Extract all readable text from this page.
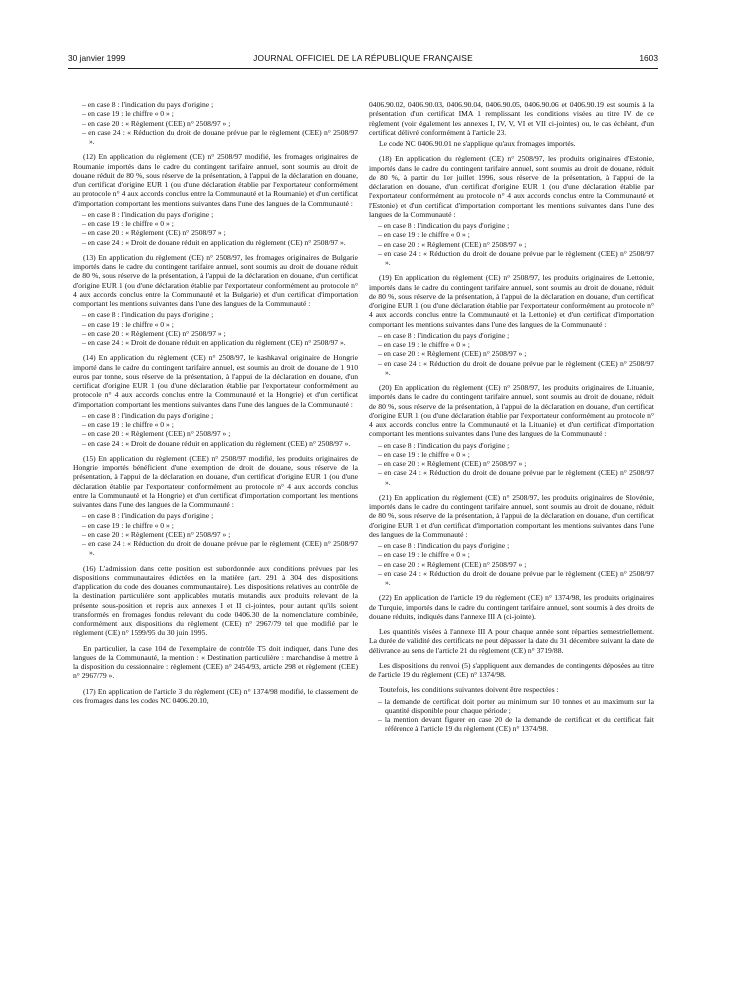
30 janvier 1999	JOURNAL OFFICIEL DE LA RÉPUBLIQUE FRANÇAISE	1603

– en case 8 : l'indication du pays d'origine ;

– en case 19 : le chiffre « 0 » ;

– en case 20 : « Règlement (CEE) n° 2508/97 » ;

– en case 24 : « Réduction du droit de douane prévue par le règlement (CEE) n° 2508/97 ».

(12) En application du règlement (CE) n° 2508/97 modifié, les fromages originaires de Roumanie importés dans le cadre du contingent tarifaire annuel, sont soumis au droit de douane réduit de 80 %, sous réserve de la présentation, à l'appui de la déclaration en douane, d'un certificat d'origine EUR 1 (ou d'une déclaration établie par l'exportateur conformément au protocole n° 4 aux accords conclus entre la Communauté et la Roumanie) et d'un certificat d'importation comportant les mentions suivantes dans l'une des langues de la Communauté :

– en case 8 : l'indication du pays d'origine ;

– en case 19 : le chiffre « 0 » ;

– en case 20 : « Règlement (CE) n° 2508/97 » ;

– en case 24 : « Droit de douane réduit en application du règlement (CE) n° 2508/97 ».

(13) En application du règlement (CE) n° 2508/97, les fromages originaires de Bulgarie importés dans le cadre du contingent tarifaire annuel, sont soumis au droit de douane réduit de 80 %, sous réserve de la présentation, à l'appui de la déclaration en douane, d'un certificat d'origine EUR 1 (ou d'une déclaration établie par l'exportateur conformément au protocole n° 4 aux accords conclus entre la Communauté et la Bulgarie) et d'un certificat d'importation comportant les mentions suivantes dans l'une des langues de la Communauté :

– en case 8 : l'indication du pays d'origine ;

– en case 19 : le chiffre « 0 » ;

– en case 20 : « Règlement (CE) n° 2508/97 » ;

– en case 24 : « Droit de douane réduit en application du règlement (CE) n° 2508/97 ».

(14) En application du règlement (CE) n° 2508/97, le kashkaval originaire de Hongrie importé dans le cadre du contingent tarifaire annuel, est soumis au droit de douane de 1 910 euros par tonne, sous réserve de la présentation, à l'appui de la déclaration en douane, d'un certificat d'origine EUR 1 (ou d'une déclaration établie par l'exportateur conformément au protocole n° 4 aux accords conclus entre la Communauté et la Hongrie) et d'un certificat d'importation comportant les mentions suivantes dans l'une des langues de la Communauté :

– en case 8 : l'indication du pays d'origine ;

– en case 19 : le chiffre « 0 » ;

– en case 20 : « Règlement (CEE) n° 2508/97 » ;

– en case 24 : « Droit de douane réduit en application du règlement (CEE) n° 2508/97 ».

(15) En application du règlement (CEE) n° 2508/97 modifié, les produits originaires de Hongrie importés bénéficient d'une exemption de droit de douane, sous réserve de la présentation, à l'appui de la déclaration en douane, d'un certificat d'origine EUR 1 (ou d'une déclaration établie par l'exportateur conformément au protocole n° 4 aux accords conclus entre la Communauté et la Hongrie) et d'un certificat d'importation comportant les mentions suivantes dans l'une des langues de la Communauté :

– en case 8 : l'indication du pays d'origine ;

– en case 19 : le chiffre « 0 » ;

– en case 20 : « Règlement (CEE) n° 2508/97 » ;

– en case 24 : « Réduction du droit de douane prévue par le règlement (CEE) n° 2508/97 ».

(16) L'admission dans cette position est subordonnée aux conditions prévues par les dispositions communautaires édictées en la matière (art. 291 à 304 des dispositions d'application du code des douanes communautaire). Les dispositions relatives au contrôle de la destination particulière sont applicables mutatis mutandis aux produits relevant de la présente sous-position et repris aux annexes I et II ci-jointes, pour autant qu'ils soient transformés en fromages fondus relevant du code 0406.30 de la nomenclature combinée, conformément aux dispositions du règlement (CEE) n° 2967/79 tel que modifié par le règlement (CE) n° 1599/95 du 30 juin 1995.

En particulier, la case 104 de l'exemplaire de contrôle T5 doit indiquer, dans l'une des langues de la Communauté, la mention : « Destination particulière : marchandise à mettre à la disposition du cessionnaire : règlement (CEE) n° 2454/93, article 298 et règlement (CEE) n° 2967/79 ».

(17) En application de l'article 3 du règlement (CE) n° 1374/98 modifié, le classement de ces fromages dans les codes NC 0406.20.10,

0406.90.02, 0406.90.03, 0406.90.04, 0406.90.05, 0406.90.06 et 0406.90.19 est soumis à la présentation d'un certificat IMA 1 remplissant les conditions visées au titre IV de ce règlement (voir également les annexes I, IV, V, VI et VII ci-jointes) ou, le cas échéant, d'un certificat délivré conformément à l'article 23.

Le code NC 0406.90.01 ne s'applique qu'aux fromages importés.

(18) En application du règlement (CE) n° 2508/97, les produits originaires d'Estonie, importés dans le cadre du contingent tarifaire annuel, sont soumis au droit de douane, réduit de 80 %, à partir du 1er juillet 1996, sous réserve de la présentation, à l'appui de la déclaration en douane, d'un certificat d'origine EUR 1 (ou d'une déclaration établie par l'exportateur conformément au protocole n° 4 aux accords conclus entre la Communauté et l'Estonie) et d'un certificat d'importation comportant les mentions suivantes dans l'une des langues de la Communauté :

– en case 8 : l'indication du pays d'origine ;

– en case 19 : le chiffre « 0 » ;

– en case 20 : « Règlement (CEE) n° 2508/97 » ;

– en case 24 : « Réduction du droit de douane prévue par le règlement (CEE) n° 2508/97 ».

(19) En application du règlement (CE) n° 2508/97, les produits originaires de Lettonie, importés dans le cadre du contingent tarifaire annuel, sont soumis au droit de douane, réduit de 80 %, sous réserve de la présentation, à l'appui de la déclaration en douane, d'un certificat d'origine EUR 1 (ou d'une déclaration établie par l'exportateur conformément au protocole n° 4 aux accords conclus entre la Communauté et la Lettonie) et d'un certificat d'importation comportant les mentions suivantes dans l'une des langues de la Communauté :

– en case 8 : l'indication du pays d'origine ;

– en case 19 : le chiffre « 0 » ;

– en case 20 : « Règlement (CEE) n° 2508/97 » ;

– en case 24 : « Réduction du droit de douane prévue par le règlement (CEE) n° 2508/97 ».

(20) En application du règlement (CE) n° 2508/97, les produits originaires de Lituanie, importés dans le cadre du contingent tarifaire annuel, sont soumis au droit de douane, réduit de 80 %, sous réserve de la présentation, à l'appui de la déclaration en douane, d'un certificat d'origine EUR 1 (ou d'une déclaration établie par l'exportateur conformément au protocole n° 4 aux accords conclus entre la Communauté et la Lituanie) et d'un certificat d'importation comportant les mentions suivantes dans l'une des langues de la Communauté :

– en case 8 : l'indication du pays d'origine ;

– en case 19 : le chiffre « 0 » ;

– en case 20 : « Règlement (CEE) n° 2508/97 » ;

– en case 24 : « Réduction du droit de douane prévue par le règlement (CEE) n° 2508/97 ».

(21) En application du règlement (CE) n° 2508/97, les produits originaires de Slovénie, importés dans le cadre du contingent tarifaire annuel, sont soumis au droit de douane, réduit de 80 %, sous réserve de la présentation, à l'appui de la déclaration en douane, d'un certificat d'origine EUR 1 et d'un certificat d'importation comportant les mentions suivantes dans l'une des langues de la Communauté :

– en case 8 : l'indication du pays d'origine ;

– en case 19 : le chiffre « 0 » ;

– en case 20 : « Règlement (CEE) n° 2508/97 » ;

– en case 24 : « Réduction du droit de douane prévue par le règlement (CEE) n° 2508/97 ».

(22) En application de l'article 19 du règlement (CE) n° 1374/98, les produits originaires de Turquie, importés dans le cadre du contingent tarifaire annuel, sont soumis à des droits de douane réduits, indiqués dans l'annexe III A (ci-jointe).

Les quantités visées à l'annexe III A pour chaque année sont réparties semestriellement. La durée de validité des certificats ne peut dépasser la date du 31 décembre suivant la date de délivrance au sens de l'article 21 du règlement (CE) n° 3719/88.

Les dispositions du renvoi (5) s'appliquent aux demandes de contingents déposées au titre de l'article 19 du règlement (CE) n° 1374/98.

Toutefois, les conditions suivantes doivent être respectées :

– la demande de certificat doit porter au minimum sur 10 tonnes et au maximum sur la quantité disponible pour chaque période ;

– la mention devant figurer en case 20 de la demande de certificat et du certificat fait référence à l'article 19 du règlement (CE) n° 1374/98.
